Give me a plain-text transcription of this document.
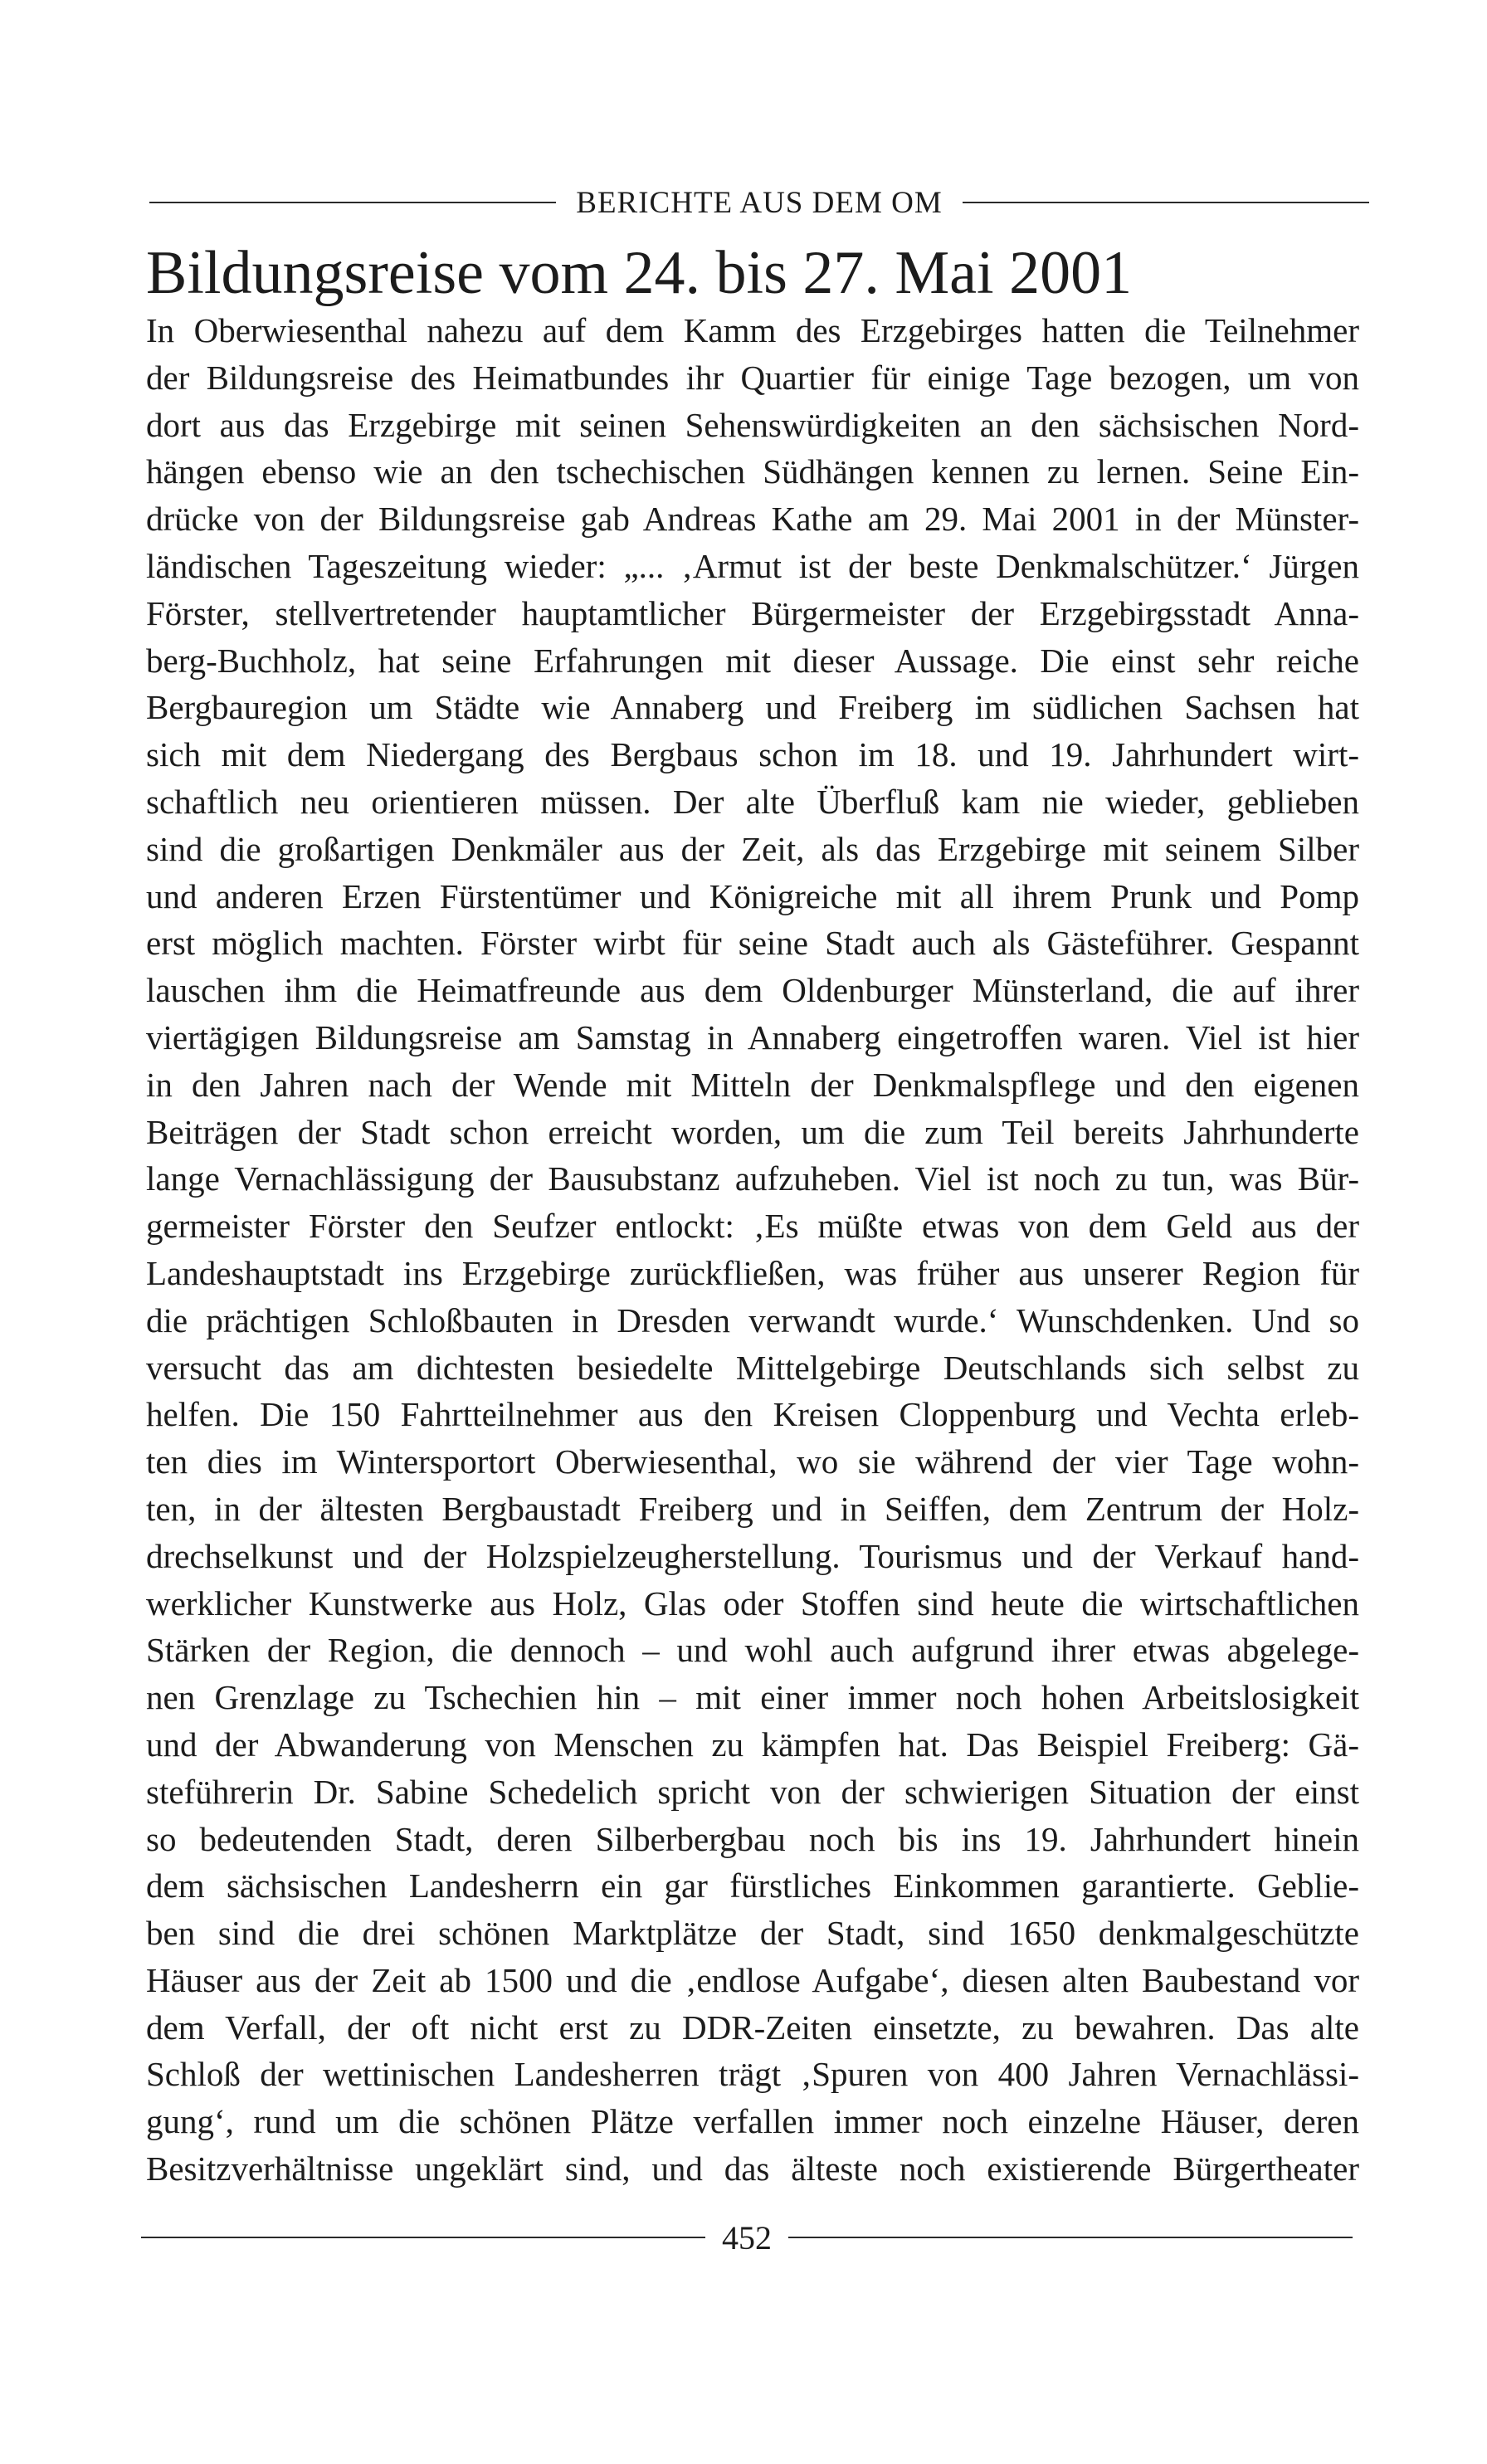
BERICHTE AUS DEM OM
Bildungsreise vom 24. bis 27. Mai 2001
In Oberwiesenthal nahezu auf dem Kamm des Erzgebirges hatten die Teilnehmer
der Bildungsreise des Heimatbundes ihr Quartier für einige Tage bezogen, um von
dort aus das Erzgebirge mit seinen Sehenswürdigkeiten an den sächsischen Nord-
hängen ebenso wie an den tschechischen Südhängen kennen zu lernen. Seine Ein-
drücke von der Bildungsreise gab Andreas Kathe am 29. Mai 2001 in der Münster-
ländischen Tageszeitung wieder: „... ‚Armut ist der beste Denkmalschützer.‘ Jürgen
Förster, stellvertretender hauptamtlicher Bürgermeister der Erzgebirgsstadt Anna-
berg-Buchholz, hat seine Erfahrungen mit dieser Aussage. Die einst sehr reiche
Bergbauregion um Städte wie Annaberg und Freiberg im südlichen Sachsen hat
sich mit dem Niedergang des Bergbaus schon im 18. und 19. Jahrhundert wirt-
schaftlich neu orientieren müssen. Der alte Überfluß kam nie wieder, geblieben
sind die großartigen Denkmäler aus der Zeit, als das Erzgebirge mit seinem Silber
und anderen Erzen Fürstentümer und Königreiche mit all ihrem Prunk und Pomp
erst möglich machten. Förster wirbt für seine Stadt auch als Gästeführer. Gespannt
lauschen ihm die Heimatfreunde aus dem Oldenburger Münsterland, die auf ihrer
viertägigen Bildungsreise am Samstag in Annaberg eingetroffen waren. Viel ist hier
in den Jahren nach der Wende mit Mitteln der Denkmalspflege und den eigenen
Beiträgen der Stadt schon erreicht worden, um die zum Teil bereits Jahrhunderte
lange Vernachlässigung der Bausubstanz aufzuheben. Viel ist noch zu tun, was Bür-
germeister Förster den Seufzer entlockt: ‚Es müßte etwas von dem Geld aus der
Landeshauptstadt ins Erzgebirge zurückfließen, was früher aus unserer Region für
die prächtigen Schloßbauten in Dresden verwandt wurde.‘ Wunschdenken. Und so
versucht das am dichtesten besiedelte Mittelgebirge Deutschlands sich selbst zu
helfen. Die 150 Fahrtteilnehmer aus den Kreisen Cloppenburg und Vechta erleb-
ten dies im Wintersportort Oberwiesenthal, wo sie während der vier Tage wohn-
ten, in der ältesten Bergbaustadt Freiberg und in Seiffen, dem Zentrum der Holz-
drechselkunst und der Holzspielzeugherstellung. Tourismus und der Verkauf hand-
werklicher Kunstwerke aus Holz, Glas oder Stoffen sind heute die wirtschaftlichen
Stärken der Region, die dennoch – und wohl auch aufgrund ihrer etwas abgelege-
nen Grenzlage zu Tschechien hin – mit einer immer noch hohen Arbeitslosigkeit
und der Abwanderung von Menschen zu kämpfen hat. Das Beispiel Freiberg: Gä-
steführerin Dr. Sabine Schedelich spricht von der schwierigen Situation der einst
so bedeutenden Stadt, deren Silberbergbau noch bis ins 19. Jahrhundert hinein
dem sächsischen Landesherrn ein gar fürstliches Einkommen garantierte. Geblie-
ben sind die drei schönen Marktplätze der Stadt, sind 1650 denkmalgeschützte
Häuser aus der Zeit ab 1500 und die ‚endlose Aufgabe‘, diesen alten Baubestand vor
dem Verfall, der oft nicht erst zu DDR-Zeiten einsetzte, zu bewahren. Das alte
Schloß der wettinischen Landesherren trägt ‚Spuren von 400 Jahren Vernachlässi-
gung‘, rund um die schönen Plätze verfallen immer noch einzelne Häuser, deren
Besitzverhältnisse ungeklärt sind, und das älteste noch existierende Bürgertheater
452
